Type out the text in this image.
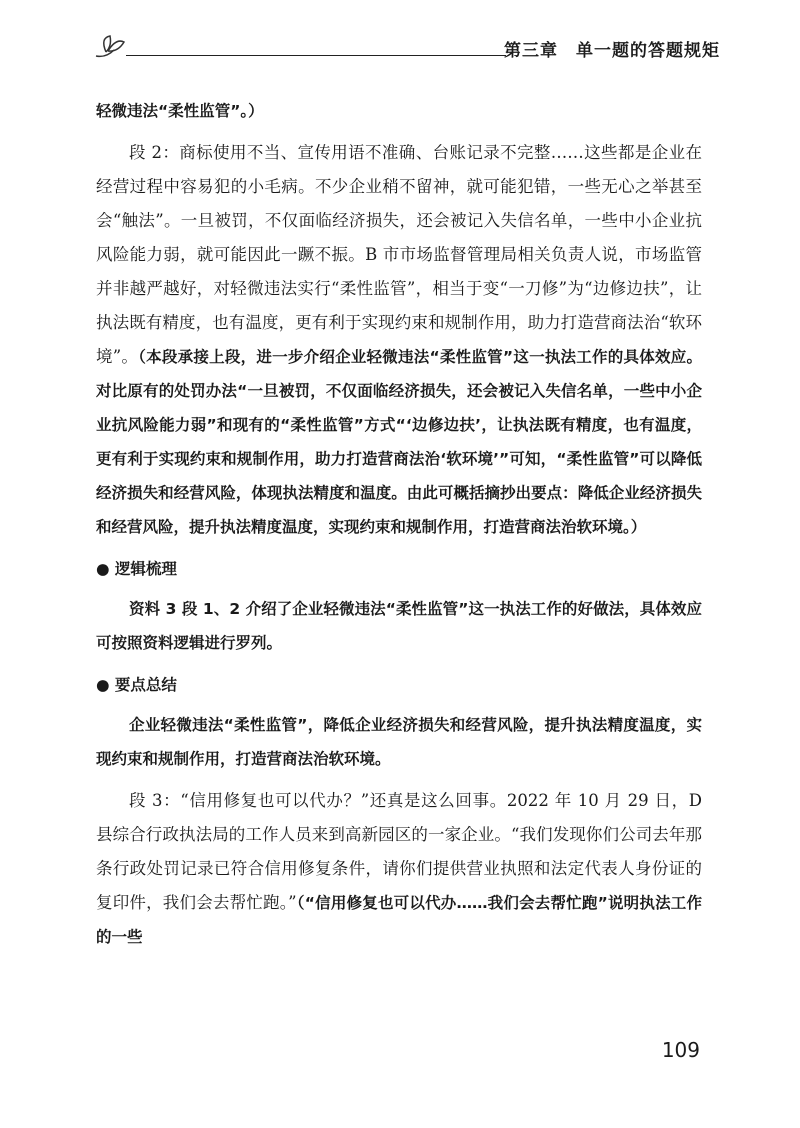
第三章 单一题的答题规矩

轻微违法“柔性监管”。）

段 2：商标使用不当、宣传用语不准确、台账记录不完整……这些都是企业在经营过程中容易犯的小毛病。不少企业稍不留神，就可能犯错，一些无心之举甚至会“触法”。一旦被罚，不仅面临经济损失，还会被记入失信名单，一些中小企业抗风险能力弱，就可能因此一蹶不振。B 市市场监督管理局相关负责人说，市场监管并非越严越好，对轻微违法实行“柔性监管”，相当于变“一刀修”为“边修边扶”，让执法既有精度，也有温度，更有利于实现约束和规制作用，助力打造营商法治“软环境”。（本段承接上段，进一步介绍企业轻微违法“柔性监管”这一执法工作的具体效应。对比原有的处罚办法“一旦被罚，不仅面临经济损失，还会被记入失信名单，一些中小企业抗风险能力弱”和现有的“柔性监管”方式“‘边修边扶’，让执法既有精度，也有温度，更有利于实现约束和规制作用，助力打造营商法治‘软环境’”可知，“柔性监管”可以降低经济损失和经营风险，体现执法精度和温度。由此可概括摘抄出要点：降低企业经济损失和经营风险，提升执法精度温度，实现约束和规制作用，打造营商法治软环境。）

● 逻辑梳理

资料 3 段 1、2 介绍了企业轻微违法“柔性监管”这一执法工作的好做法，具体效应可按照资料逻辑进行罗列。

● 要点总结

企业轻微违法“柔性监管”，降低企业经济损失和经营风险，提升执法精度温度，实现约束和规制作用，打造营商法治软环境。

段 3：“信用修复也可以代办？”还真是这么回事。2022 年 10 月 29 日，D 县综合行政执法局的工作人员来到高新园区的一家企业。“我们发现你们公司去年那条行政处罚记录已符合信用修复条件，请你们提供营业执照和法定代表人身份证的复印件，我们会去帮忙跑。”（“信用修复也可以代办……我们会去帮忙跑”说明执法工作的一些

109
